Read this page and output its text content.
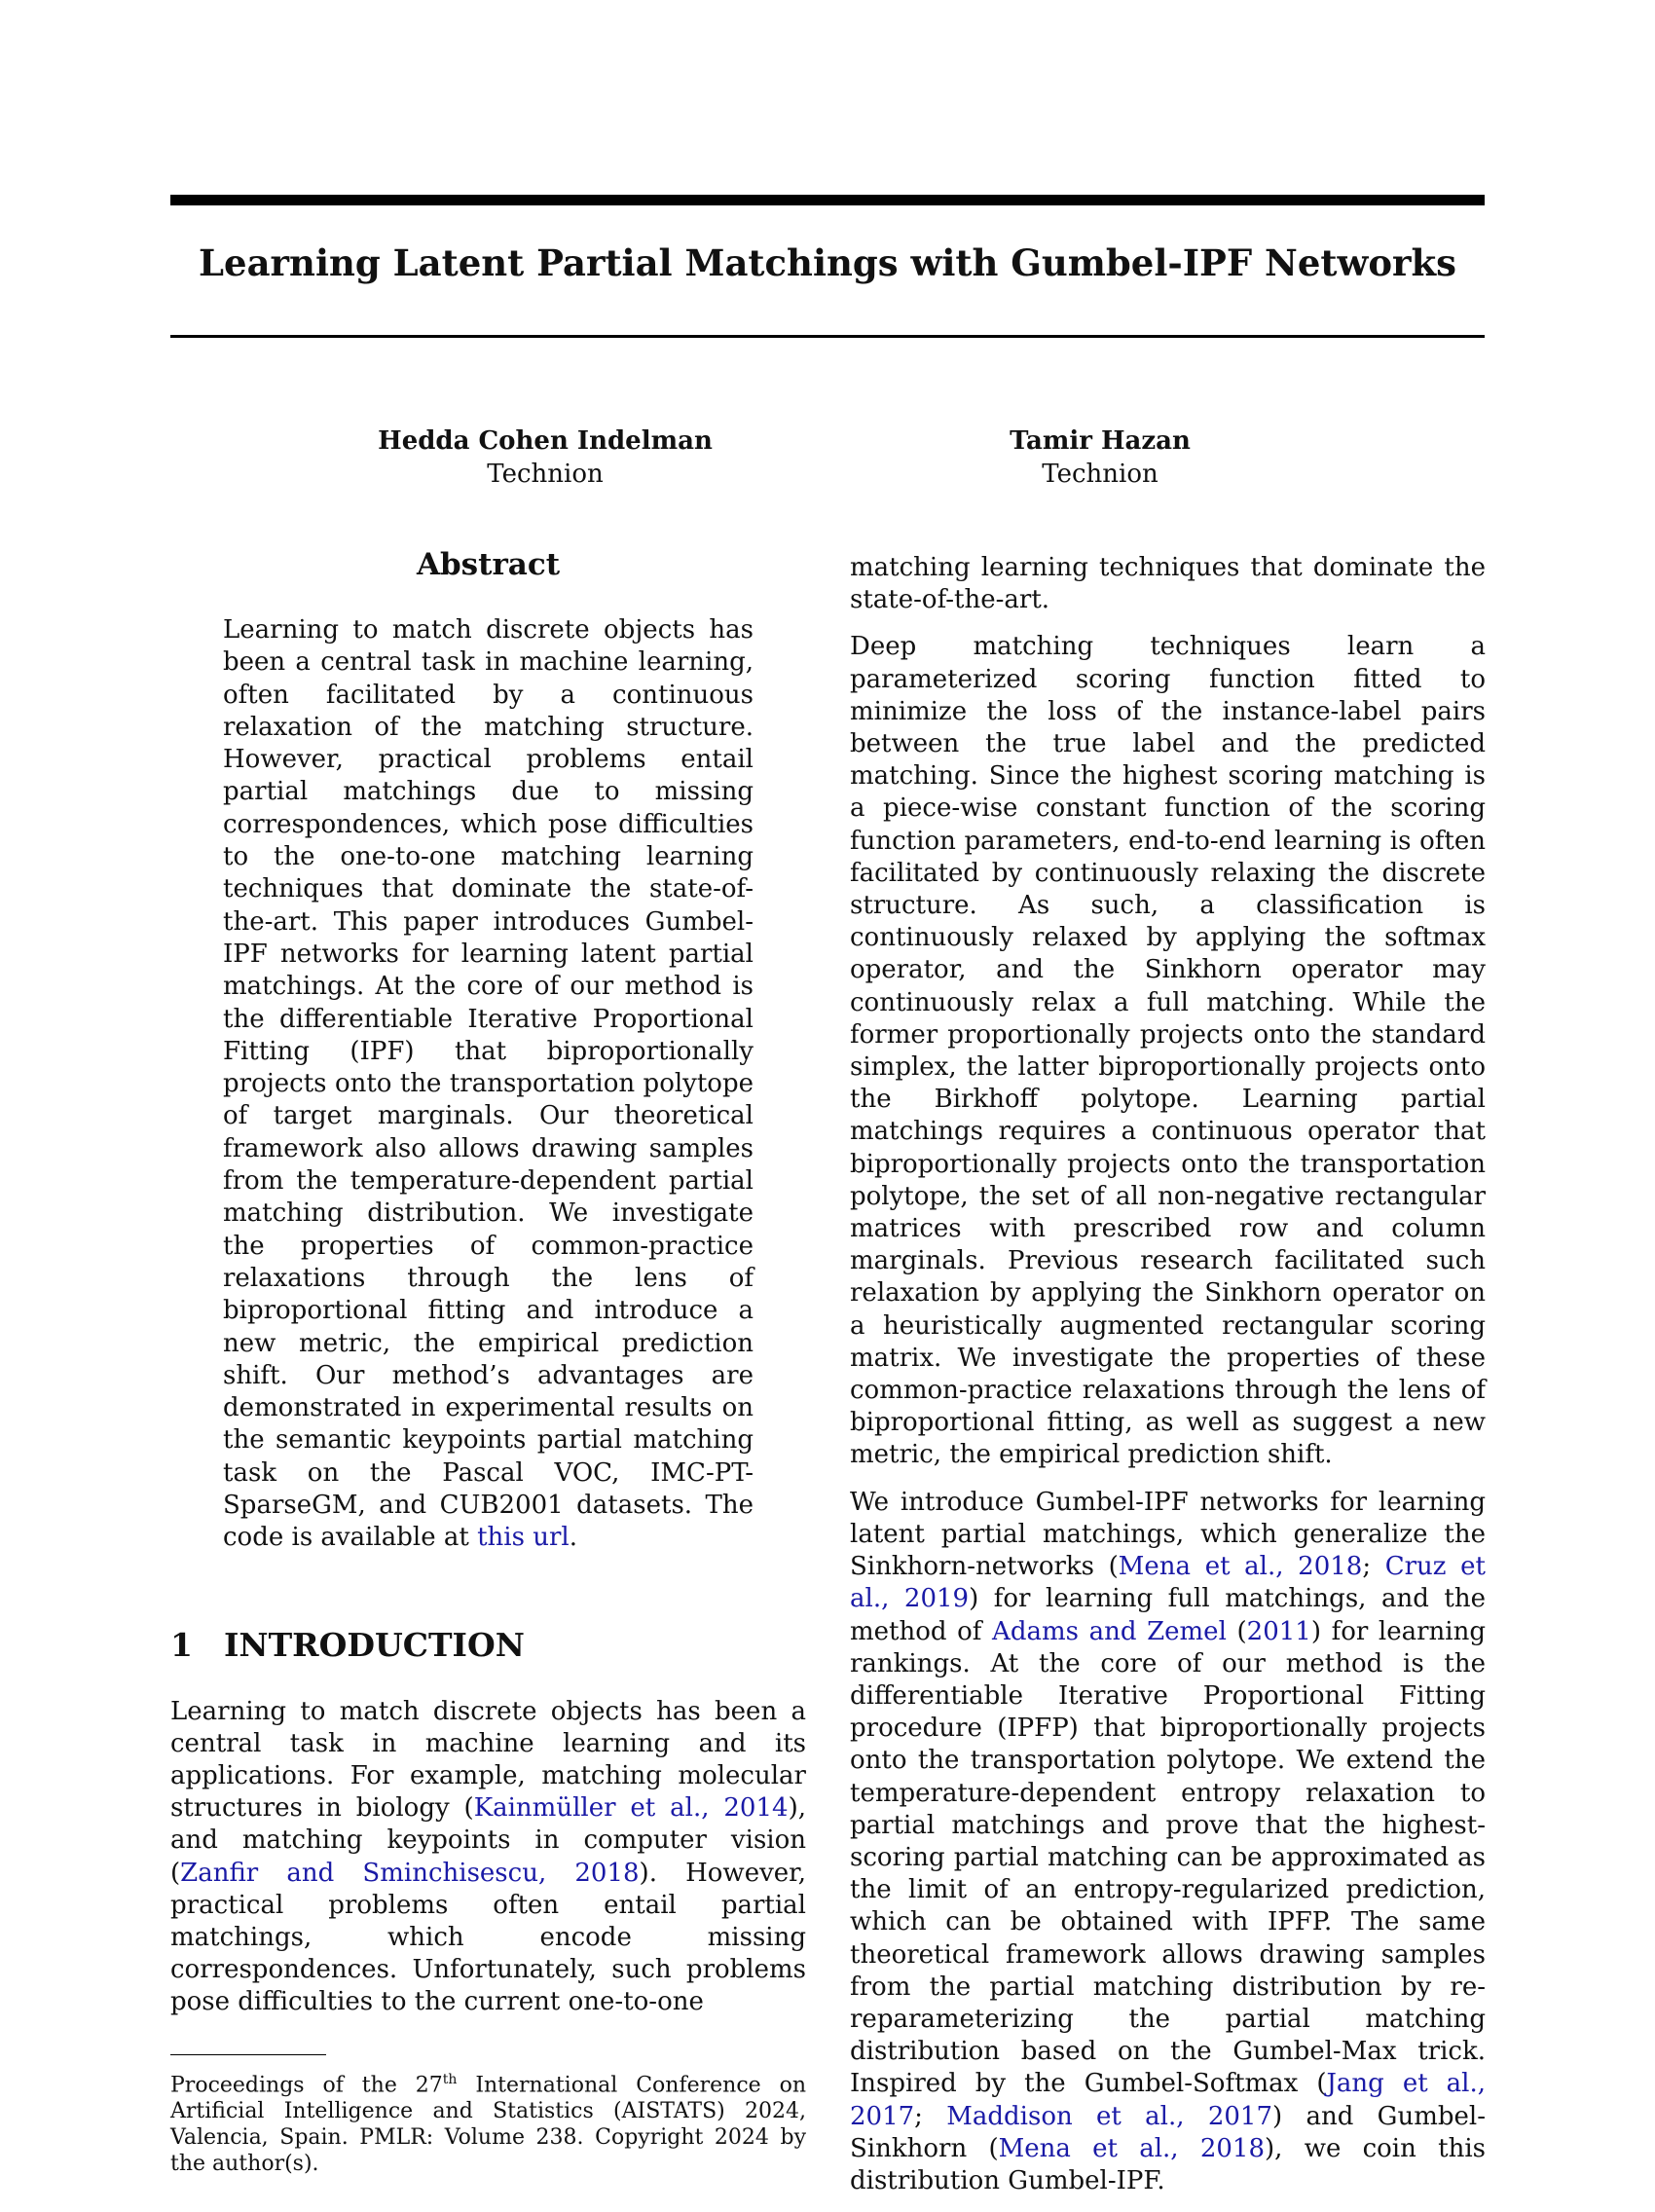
Learning Latent Partial Matchings with Gumbel-IPF Networks
Hedda Cohen Indelman
Technion
Tamir Hazan
Technion
Abstract
Learning to match discrete objects has been a central task in machine learning, often facilitated by a continuous relaxation of the matching structure. However, practical problems entail partial matchings due to missing correspondences, which pose difficulties to the one-to-one matching learning techniques that dominate the state-of-the-art. This paper introduces Gumbel-IPF networks for learning latent partial matchings. At the core of our method is the differentiable Iterative Proportional Fitting (IPF) that biproportionally projects onto the transportation polytope of target marginals. Our theoretical framework also allows drawing samples from the temperature-dependent partial matching distribution. We investigate the properties of common-practice relaxations through the lens of biproportional fitting and introduce a new metric, the empirical prediction shift. Our method’s advantages are demonstrated in experimental results on the semantic keypoints partial matching task on the Pascal VOC, IMC-PT-SparseGM, and CUB2001 datasets. The code is available at this url.
1 INTRODUCTION
Learning to match discrete objects has been a central task in machine learning and its applications. For example, matching molecular structures in biology (Kainmüller et al., 2014), and matching keypoints in computer vision (Zanfir and Sminchisescu, 2018). However, practical problems often entail partial matchings, which encode missing correspondences. Unfortunately, such problems pose difficulties to the current one-to-one
Proceedings of the 27th International Conference on Artificial Intelligence and Statistics (AISTATS) 2024, Valencia, Spain. PMLR: Volume 238. Copyright 2024 by the author(s).
matching learning techniques that dominate the state-of-the-art.
Deep matching techniques learn a parameterized scoring function fitted to minimize the loss of the instance-label pairs between the true label and the predicted matching. Since the highest scoring matching is a piece-wise constant function of the scoring function parameters, end-to-end learning is often facilitated by continuously relaxing the discrete structure. As such, a classification is continuously relaxed by applying the softmax operator, and the Sinkhorn operator may continuously relax a full matching. While the former proportionally projects onto the standard simplex, the latter biproportionally projects onto the Birkhoff polytope. Learning partial matchings requires a continuous operator that biproportionally projects onto the transportation polytope, the set of all non-negative rectangular matrices with prescribed row and column marginals. Previous research facilitated such relaxation by applying the Sinkhorn operator on a heuristically augmented rectangular scoring matrix. We investigate the properties of these common-practice relaxations through the lens of biproportional fitting, as well as suggest a new metric, the empirical prediction shift.
We introduce Gumbel-IPF networks for learning latent partial matchings, which generalize the Sinkhorn-networks (Mena et al., 2018; Cruz et al., 2019) for learning full matchings, and the method of Adams and Zemel (2011) for learning rankings. At the core of our method is the differentiable Iterative Proportional Fitting procedure (IPFP) that biproportionally projects onto the transportation polytope. We extend the temperature-dependent entropy relaxation to partial matchings and prove that the highest-scoring partial matching can be approximated as the limit of an entropy-regularized prediction, which can be obtained with IPFP. The same theoretical framework allows drawing samples from the partial matching distribution by re-reparameterizing the partial matching distribution based on the Gumbel-Max trick. Inspired by the Gumbel-Softmax (Jang et al., 2017; Maddison et al., 2017) and Gumbel-Sinkhorn (Mena et al., 2018), we coin this distribution Gumbel-IPF.
